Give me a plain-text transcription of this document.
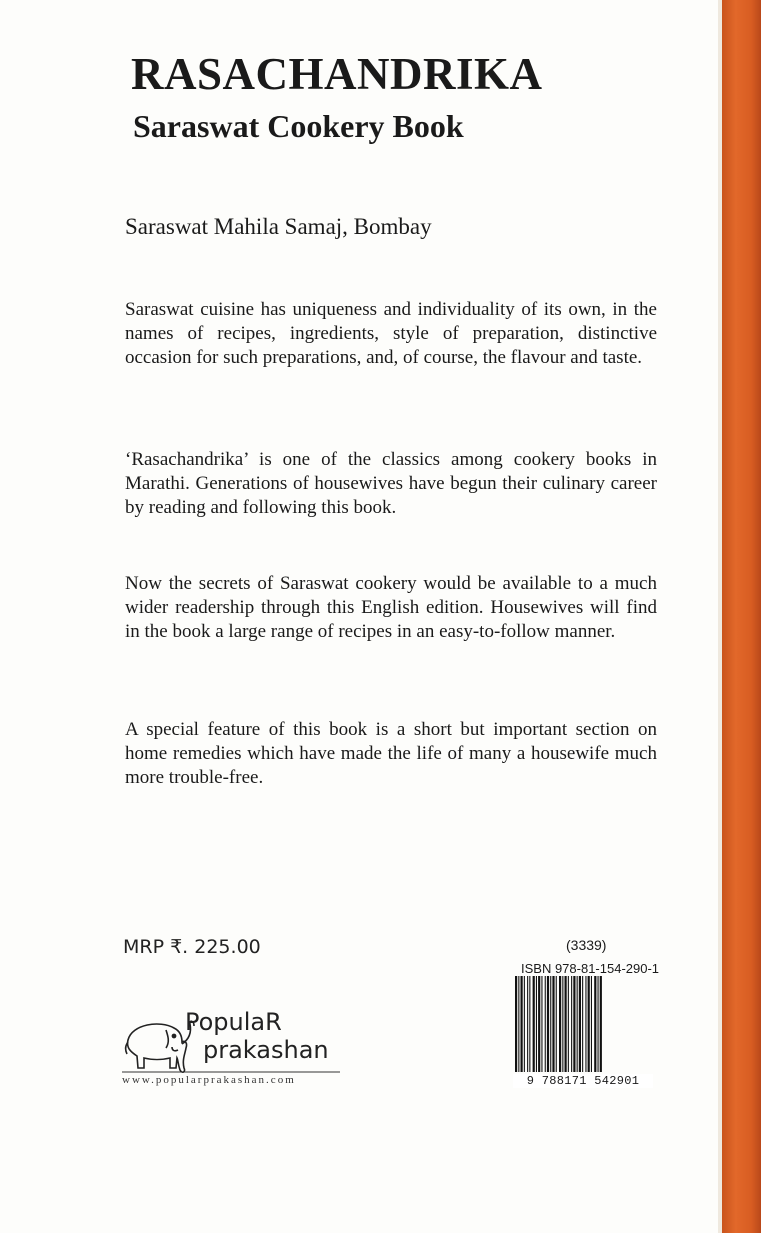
RASACHANDRIKA
Saraswat Cookery Book

Saraswat Mahila Samaj, Bombay

Saraswat cuisine has uniqueness and individuality of its own, in the names of recipes, ingredients, style of preparation, distinctive occasion for such preparations, and, of course, the flavour and taste.

‘Rasachandrika’ is one of the classics among cookery books in Marathi. Generations of housewives have begun their culinary career by reading and following this book.

Now the secrets of Saraswat cookery would be available to a much wider readership through this English edition. Housewives will find in the book a large range of recipes in an easy-to-follow manner.

A special feature of this book is a short but important section on home remedies which have made the life of many a housewife much more trouble-free.

MRP ₹. 225.00	(3339)
ISBN 978-81-154-290-1
9 788171 542901
PopulaR
prakashan
www.popularprakashan.com
